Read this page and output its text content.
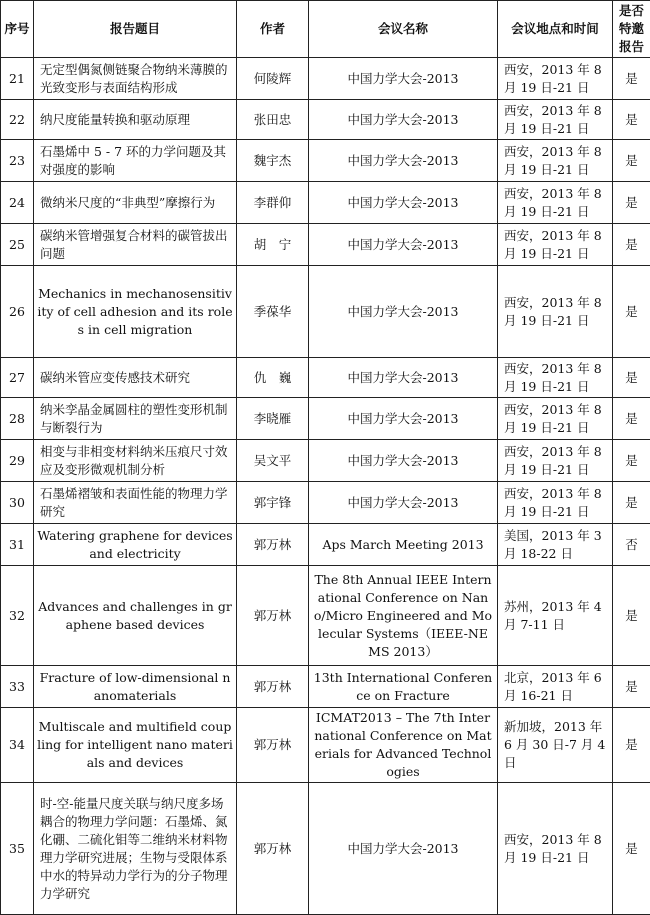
序号	报告题目	作者	会议名称	会议地点和时间	是否特邀报告
21	无定型偶氮侧链聚合物纳米薄膜的光致变形与表面结构形成	何陵辉	中国力学大会-2013	西安，2013 年 8 月 19 日-21 日	是
22	纳尺度能量转换和驱动原理	张田忠	中国力学大会-2013	西安，2013 年 8 月 19 日-21 日	是
23	石墨烯中 5 - 7 环的力学问题及其对强度的影响	魏宇杰	中国力学大会-2013	西安，2013 年 8 月 19 日-21 日	是
24	微纳米尺度的“非典型”摩擦行为	李群仰	中国力学大会-2013	西安，2013 年 8 月 19 日-21 日	是
25	碳纳米管增强复合材料的碳管拔出问题	胡　宁	中国力学大会-2013	西安，2013 年 8 月 19 日-21 日	是
26	Mechanics in mechanosensitivity of cell adhesion and its roles in cell migration	季葆华	中国力学大会-2013	西安，2013 年 8 月 19 日-21 日	是
27	碳纳米管应变传感技术研究	仇　巍	中国力学大会-2013	西安，2013 年 8 月 19 日-21 日	是
28	纳米孪晶金属圆柱的塑性变形机制与断裂行为	李晓雁	中国力学大会-2013	西安，2013 年 8 月 19 日-21 日	是
29	相变与非相变材料纳米压痕尺寸效应及变形微观机制分析	吴文平	中国力学大会-2013	西安，2013 年 8 月 19 日-21 日	是
30	石墨烯褶皱和表面性能的物理力学研究	郭宇锋	中国力学大会-2013	西安，2013 年 8 月 19 日-21 日	是
31	Watering graphene for devices and electricity	郭万林	Aps March Meeting 2013	美国，2013 年 3 月 18-22 日	否
32	Advances and challenges in graphene based devices	郭万林	The 8th Annual IEEE International Conference on Nano/Micro Engineered and Molecular Systems（IEEE-NEMS 2013）	苏州，2013 年 4 月 7-11 日	是
33	Fracture of low-dimensional nanomaterials	郭万林	13th International Conference on Fracture	北京，2013 年 6 月 16-21 日	是
34	Multiscale and multifield coupling for intelligent nano materials and devices	郭万林	ICMAT2013 – The 7th International Conference on Materials for Advanced Technologies	新加坡，2013 年 6 月 30 日-7 月 4 日	是
35	时-空-能量尺度关联与纳尺度多场耦合的物理力学问题：石墨烯、氮化硼、二硫化钼等二维纳米材料物理力学研究进展；生物与受限体系中水的特异动力学行为的分子物理力学研究	郭万林	中国力学大会-2013	西安，2013 年 8 月 19 日-21 日	是
